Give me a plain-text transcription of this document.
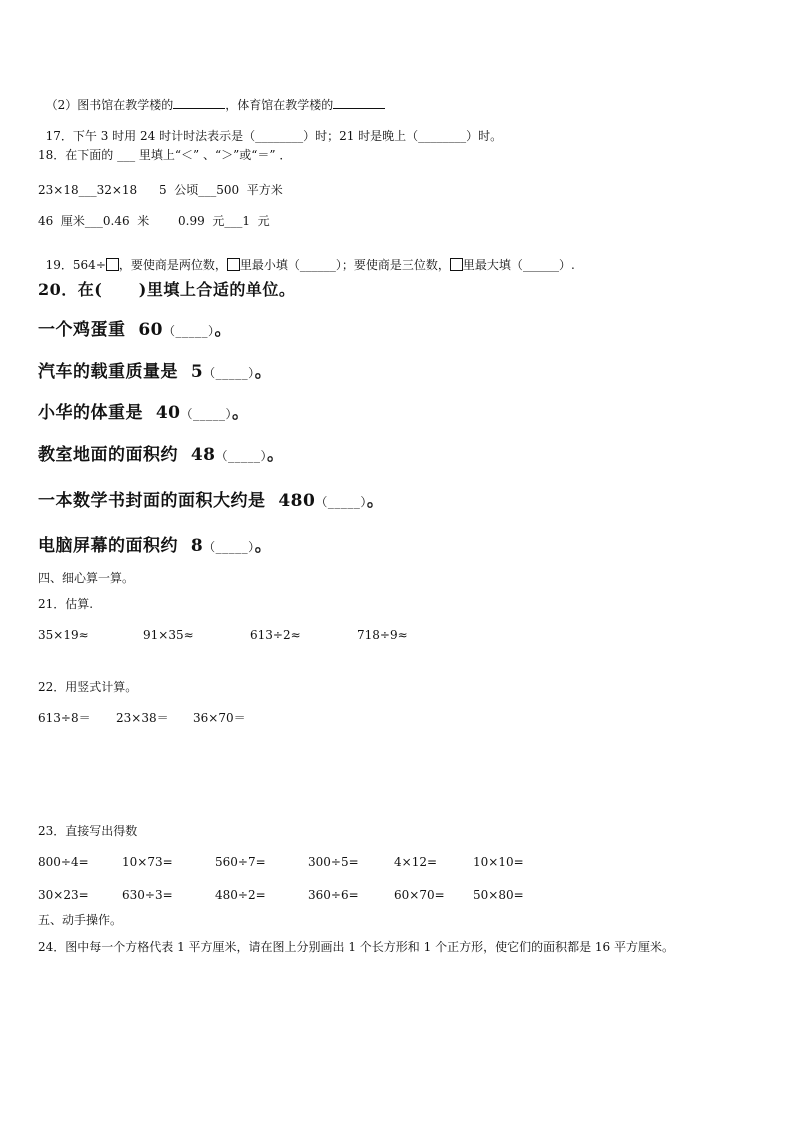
（2）图书馆在教学楼的	，体育馆在教学楼的

17．下午 3 时用 24 时计时法表示是（________）时；21 时是晚上（________）时。

18．在下面的 ___ 里填上“＜” 、“＞”或“＝” ．
23×18___32×18 5  公顷___500  平方米
46  厘米___0.46  米 0.99  元___1  元

19．564÷ ，要使商是两位数， 里最小填（______）；要使商是三位数， 里最大填（______）.

20．在(      )里填上合适的单位。
一个鸡蛋重  60（_____）。
汽车的载重质量是  5（_____）。
小华的体重是  40（_____）。
教室地面的面积约  48（_____）。
一本数学书封面的面积大约是  480（_____）。
电脑屏幕的面积约  8（_____）。
四、细心算一算。
21．估算.
35×19≈	91×35≈	613÷2≈	718÷9≈
22．用竖式计算。
613÷8＝ 23×38＝ 36×70＝
23．直接写出得数
800÷4=	10×73=	560÷7=	300÷5=	4×12=	10×10=
30×23=	630÷3=	480÷2=	360÷6=	60×70= 50×80=
五、动手操作。
24．图中每一个方格代表 1 平方厘米，请在图上分别画出 1 个长方形和 1 个正方形，使它们的面积都是 16 平方厘米。
